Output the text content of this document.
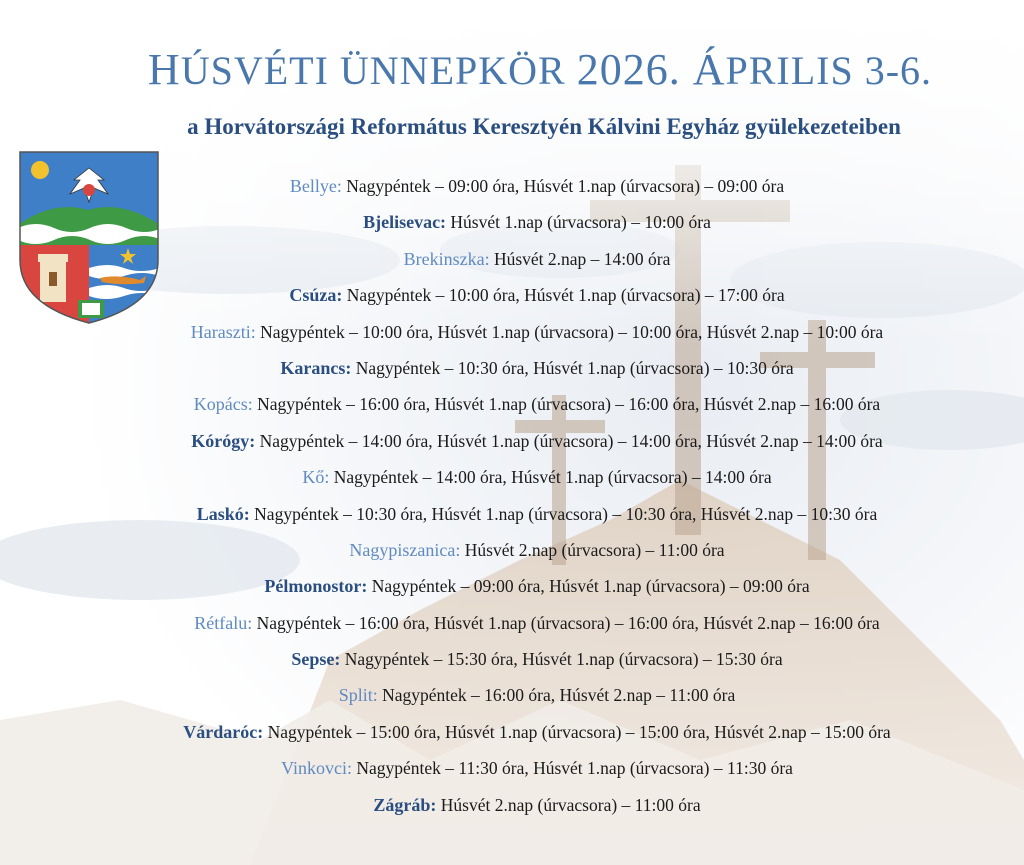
HÚSVÉTI ÜNNEPKÖR 2026. ÁPRILIS 3-6.
a Horvátországi Református Keresztyén Kálvini Egyház gyülekezeteiben
Bellye: Nagypéntek – 09:00 óra, Húsvét 1.nap (úrvacsora) – 09:00 óra
Bjelisevac: Húsvét 1.nap (úrvacsora) – 10:00 óra
Brekinszka: Húsvét 2.nap – 14:00 óra
Csúza: Nagypéntek – 10:00 óra, Húsvét 1.nap (úrvacsora) – 17:00 óra
Haraszti: Nagypéntek – 10:00 óra, Húsvét 1.nap (úrvacsora) – 10:00 óra, Húsvét 2.nap – 10:00 óra
Karancs: Nagypéntek – 10:30 óra, Húsvét 1.nap (úrvacsora) – 10:30 óra
Kopács: Nagypéntek – 16:00 óra, Húsvét 1.nap (úrvacsora) – 16:00 óra, Húsvét 2.nap – 16:00 óra
Kórógy: Nagypéntek – 14:00 óra, Húsvét 1.nap (úrvacsora) – 14:00 óra, Húsvét 2.nap – 14:00 óra
Kő: Nagypéntek – 14:00 óra, Húsvét 1.nap (úrvacsora) – 14:00 óra
Laskó: Nagypéntek – 10:30 óra, Húsvét 1.nap (úrvacsora) – 10:30 óra, Húsvét 2.nap – 10:30 óra
Nagypiszanica: Húsvét 2.nap (úrvacsora) – 11:00 óra
Pélmonostor: Nagypéntek – 09:00 óra, Húsvét 1.nap (úrvacsora) – 09:00 óra
Rétfalu: Nagypéntek – 16:00 óra, Húsvét 1.nap (úrvacsora) – 16:00 óra, Húsvét 2.nap – 16:00 óra
Sepse: Nagypéntek – 15:30 óra, Húsvét 1.nap (úrvacsora) – 15:30 óra
Split: Nagypéntek – 16:00 óra, Húsvét 2.nap – 11:00 óra
Várdaróc: Nagypéntek – 15:00 óra, Húsvét 1.nap (úrvacsora) – 15:00 óra, Húsvét 2.nap – 15:00 óra
Vinkovci: Nagypéntek – 11:30 óra, Húsvét 1.nap (úrvacsora) – 11:30 óra
Zágráb: Húsvét 2.nap (úrvacsora) – 11:00 óra
